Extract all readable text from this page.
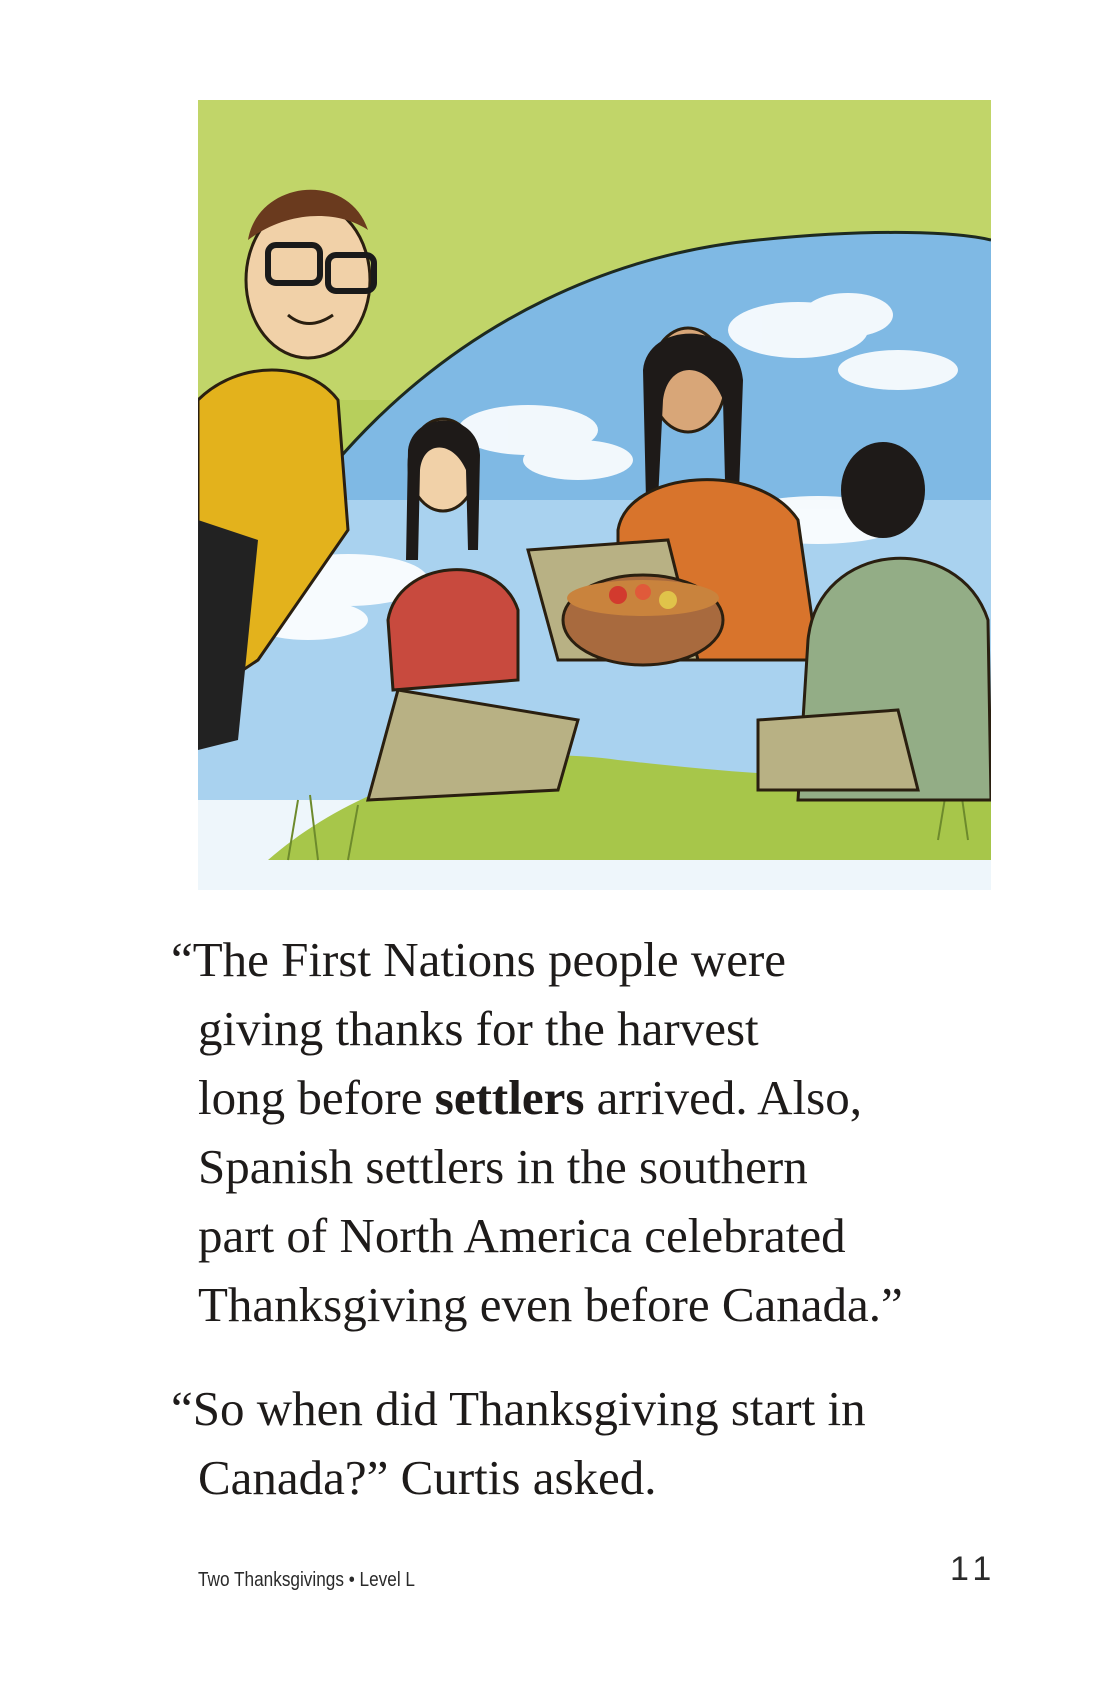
“The First Nations people were
giving thanks for the harvest
long before settlers arrived. Also,
Spanish settlers in the southern
part of North America celebrated
Thanksgiving even before Canada.”

“So when did Thanksgiving start in
Canada?” Curtis asked.

Two Thanksgivings • Level L	11
